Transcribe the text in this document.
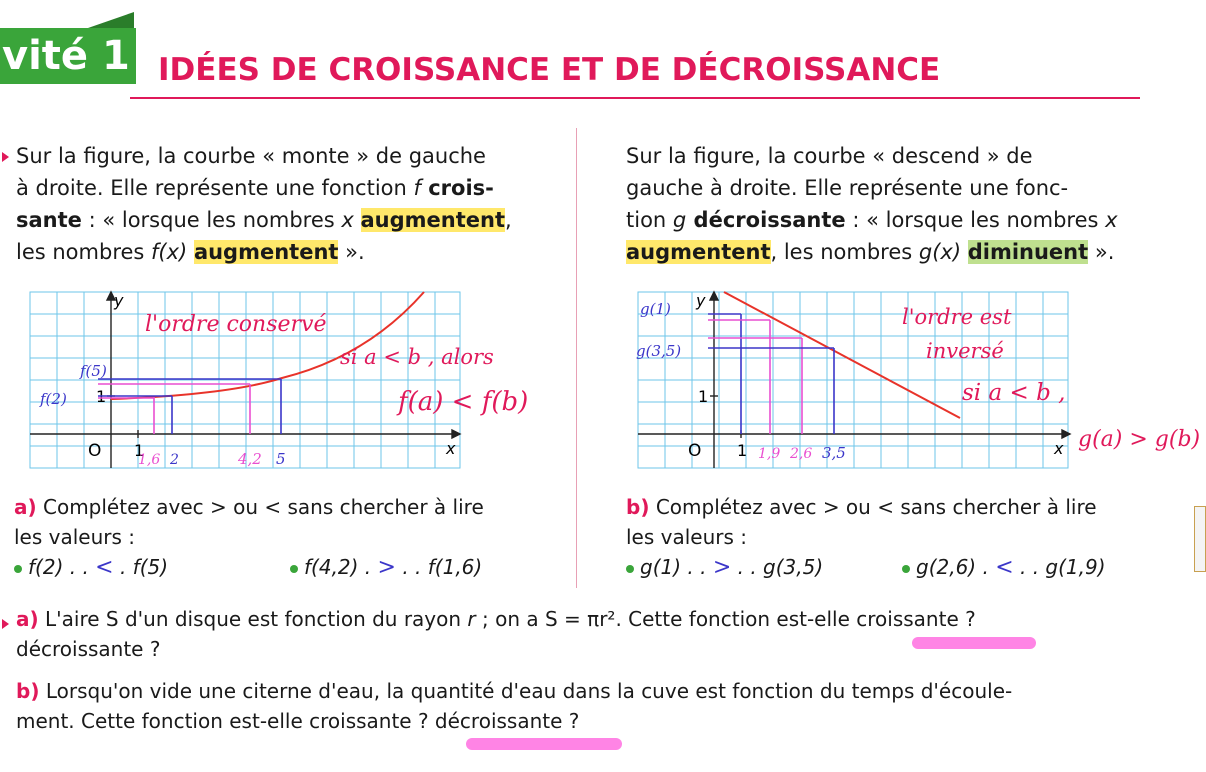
vité 1 IDÉES DE CROISSANCE ET DE DÉCROISSANCE
Sur la figure, la courbe « monte » de gauche
à droite. Elle représente une fonction f crois-
sante : « lorsque les nombres x augmentent,
les nombres f(x) augmentent ».
y
x
O 1
1
l'ordre conservé
si a < b , alors
f(a) < f(b)
f(5)
f(2)
1,6 2	4,2 5
a) Complétez avec > ou < sans chercher à lire
les valeurs :
f(2) . . < . f(5)	f(4,2) . > . . f(1,6)
Sur la figure, la courbe « descend » de
gauche à droite. Elle représente une fonc-
tion g décroissante : « lorsque les nombres x
augmentent, les nombres g(x) diminuent ».
y
x
O 1
1
g(1)
g(3,5)
l'ordre est
inversé
si a < b ,
g(a) > g(b)
1,9 2,6 3,5
b) Complétez avec > ou < sans chercher à lire
les valeurs :
g(1) . . > . . g(3,5)	g(2,6) . < . . g(1,9)
a) L'aire S d'un disque est fonction du rayon r ; on a S = πr². Cette fonction est-elle croissante ?
décroissante ?
b) Lorsqu'on vide une citerne d'eau, la quantité d'eau dans la cuve est fonction du temps d'écoule-
ment. Cette fonction est-elle croissante ? décroissante ?
